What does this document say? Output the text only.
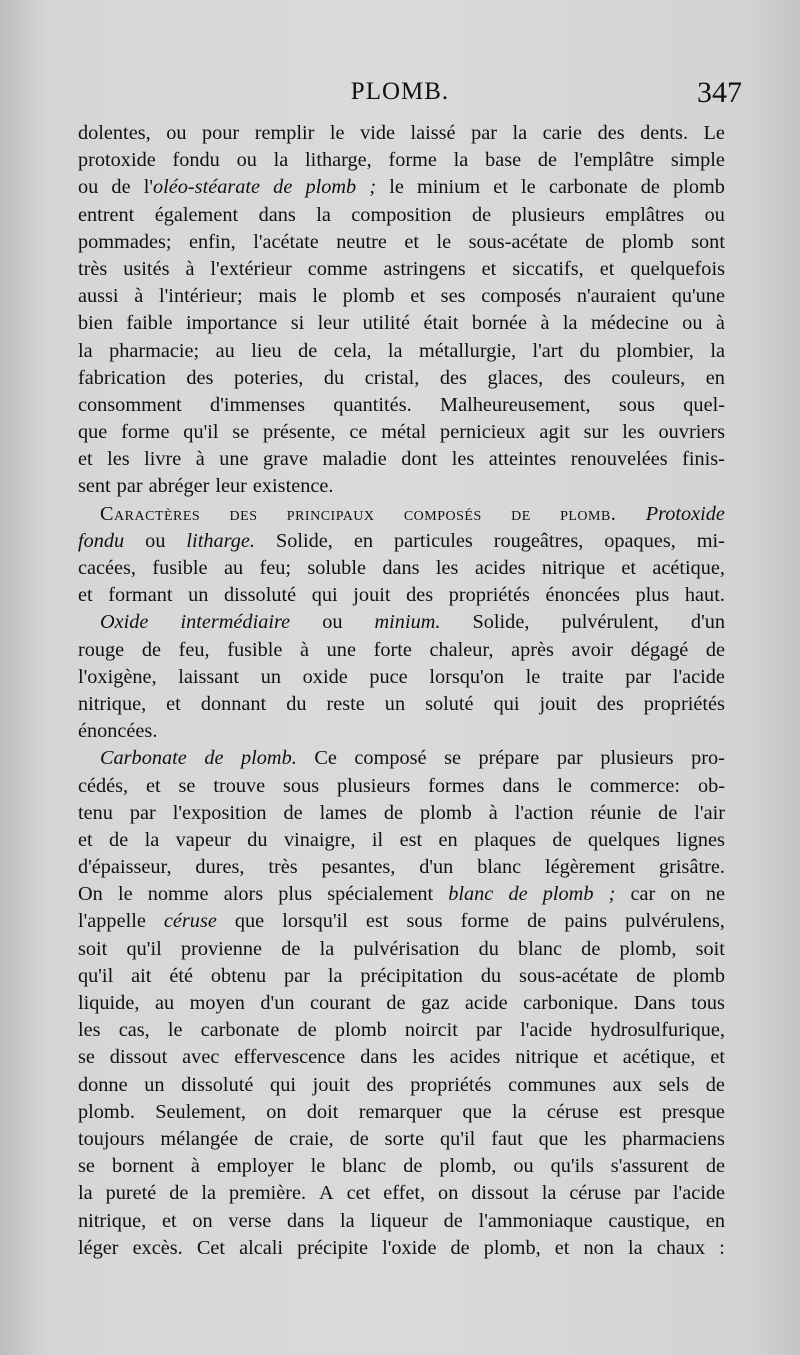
PLOMB.	347
dolentes, ou pour remplir le vide laissé par la carie des dents. Le
protoxide fondu ou la litharge, forme la base de l'emplâtre simple
ou de l'oléo-stéarate de plomb ; le minium et le carbonate de plomb
entrent également dans la composition de plusieurs emplâtres ou
pommades; enfin, l'acétate neutre et le sous-acétate de plomb sont
très usités à l'extérieur comme astringens et siccatifs, et quelquefois
aussi à l'intérieur; mais le plomb et ses composés n'auraient qu'une
bien faible importance si leur utilité était bornée à la médecine ou à
la pharmacie; au lieu de cela, la métallurgie, l'art du plombier, la
fabrication des poteries, du cristal, des glaces, des couleurs, en
consomment d'immenses quantités. Malheureusement, sous quel-
que forme qu'il se présente, ce métal pernicieux agit sur les ouvriers
et les livre à une grave maladie dont les atteintes renouvelées finis-
sent par abréger leur existence.
Caractères des principaux composés de plomb. Protoxide
fondu ou litharge. Solide, en particules rougeâtres, opaques, mi-
cacées, fusible au feu; soluble dans les acides nitrique et acétique,
et formant un dissoluté qui jouit des propriétés énoncées plus haut.
Oxide intermédiaire ou minium. Solide, pulvérulent, d'un
rouge de feu, fusible à une forte chaleur, après avoir dégagé de
l'oxigène, laissant un oxide puce lorsqu'on le traite par l'acide
nitrique, et donnant du reste un soluté qui jouit des propriétés
énoncées.
Carbonate de plomb. Ce composé se prépare par plusieurs pro-
cédés, et se trouve sous plusieurs formes dans le commerce: ob-
tenu par l'exposition de lames de plomb à l'action réunie de l'air
et de la vapeur du vinaigre, il est en plaques de quelques lignes
d'épaisseur, dures, très pesantes, d'un blanc légèrement grisâtre.
On le nomme alors plus spécialement blanc de plomb ; car on ne
l'appelle céruse que lorsqu'il est sous forme de pains pulvérulens,
soit qu'il provienne de la pulvérisation du blanc de plomb, soit
qu'il ait été obtenu par la précipitation du sous-acétate de plomb
liquide, au moyen d'un courant de gaz acide carbonique. Dans tous
les cas, le carbonate de plomb noircit par l'acide hydrosulfurique,
se dissout avec effervescence dans les acides nitrique et acétique, et
donne un dissoluté qui jouit des propriétés communes aux sels de
plomb. Seulement, on doit remarquer que la céruse est presque
toujours mélangée de craie, de sorte qu'il faut que les pharmaciens
se bornent à employer le blanc de plomb, ou qu'ils s'assurent de
la pureté de la première. A cet effet, on dissout la céruse par l'acide
nitrique, et on verse dans la liqueur de l'ammoniaque caustique, en
léger excès. Cet alcali précipite l'oxide de plomb, et non la chaux :
